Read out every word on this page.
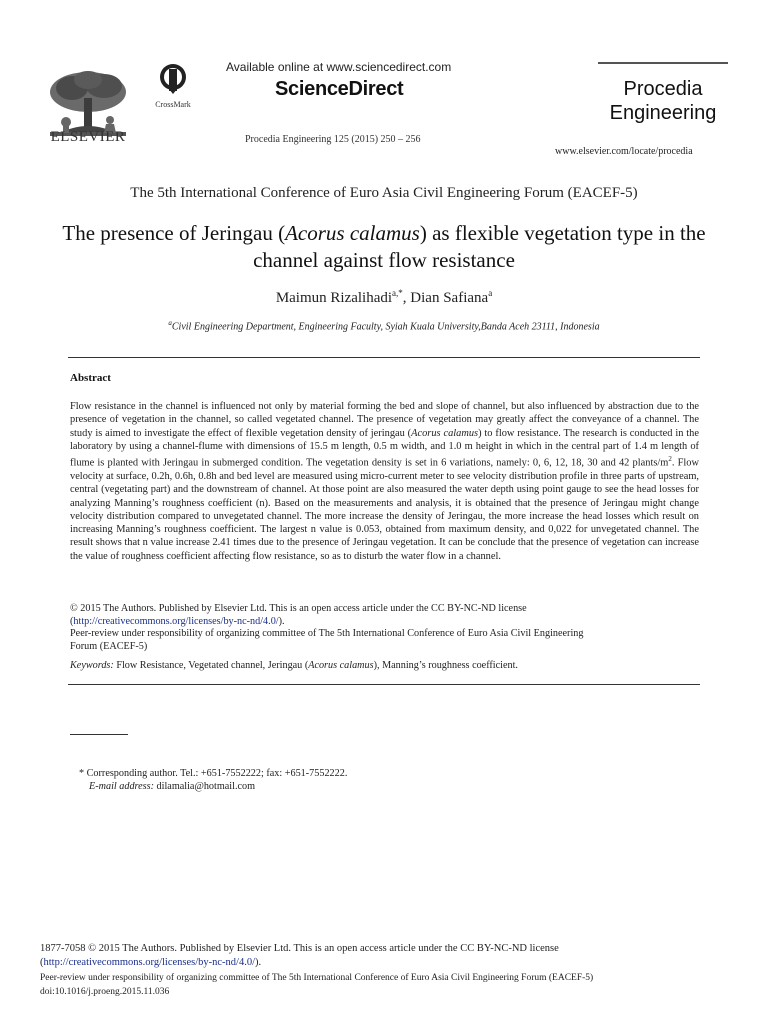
ELSEVIER
CrossMark
Available online at www.sciencedirect.com
ScienceDirect
Procedia Engineering 125 (2015) 250 – 256
Procedia
Engineering
www.elsevier.com/locate/procedia
The 5th International Conference of Euro Asia Civil Engineering Forum (EACEF-5)
The presence of Jeringau (Acorus calamus) as flexible vegetation type in the channel against flow resistance
Maimun Rizalihadi$^{a,*}$, Dian Safiana$^a$
$^a$Civil Engineering Department, Engineering Faculty, Syiah Kuala University,Banda Aceh 23111, Indonesia
Abstract
Flow resistance in the channel is influenced not only by material forming the bed and slope of channel, but also influenced by abstraction due to the presence of vegetation in the channel, so called vegetated channel. The presence of vegetation may greatly affect the conveyance of a channel. The study is aimed to investigate the effect of flexible vegetation density of jeringau (Acorus calamus) to flow resistance. The research is conducted in the laboratory by using a channel-flume with dimensions of 15.5 m length, 0.5 m width, and 1.0 m height in which in the central part of 1.4 m length of flume is planted with Jeringau in submerged condition. The vegetation density is set in 6 variations, namely: 0, 6, 12, 18, 30 and 42 plants/$m^2$. Flow velocity at surface, 0.2h, 0.6h, 0.8h and bed level are measured using micro-current meter to see velocity distribution profile in three parts of upstream, central (vegetating part) and the downstream of channel. At those point are also measured the water depth using point gauge to see the head losses for analyzing Manning’s roughness coefficient (n). Based on the measurements and analysis, it is obtained that the presence of Jeringau might change velocity distribution compared to unvegetated channel. The more increase the density of Jeringau, the more increase the head losses which result on increasing Manning’s roughness coefficient. The largest n value is 0.053, obtained from maximum density, and 0,022 for unvegetated channel. The result shows that n value increase 2.41 times due to the presence of Jeringau vegetation. It can be conclude that the presence of vegetation can increase the value of roughness coefficient affecting flow resistance, so as to disturb the water flow in a channel.
© 2015 The Authors. Published by Elsevier Ltd. This is an open access article under the CC BY-NC-ND license
(http://creativecommons.org/licenses/by-nc-nd/4.0/).
Peer-review under responsibility of organizing committee of The 5th International Conference of Euro Asia Civil Engineering
Forum (EACEF-5)
Keywords: Flow Resistance, Vegetated channel, Jeringau (Acorus calamus), Manning’s roughness coefficient.
* Corresponding author. Tel.: +651-7552222; fax: +651-7552222.
E-mail address: dilamalia@hotmail.com
1877-7058 © 2015 The Authors. Published by Elsevier Ltd. This is an open access article under the CC BY-NC-ND license
(http://creativecommons.org/licenses/by-nc-nd/4.0/).
Peer-review under responsibility of organizing committee of The 5th International Conference of Euro Asia Civil Engineering Forum (EACEF-5)
doi:10.1016/j.proeng.2015.11.036
